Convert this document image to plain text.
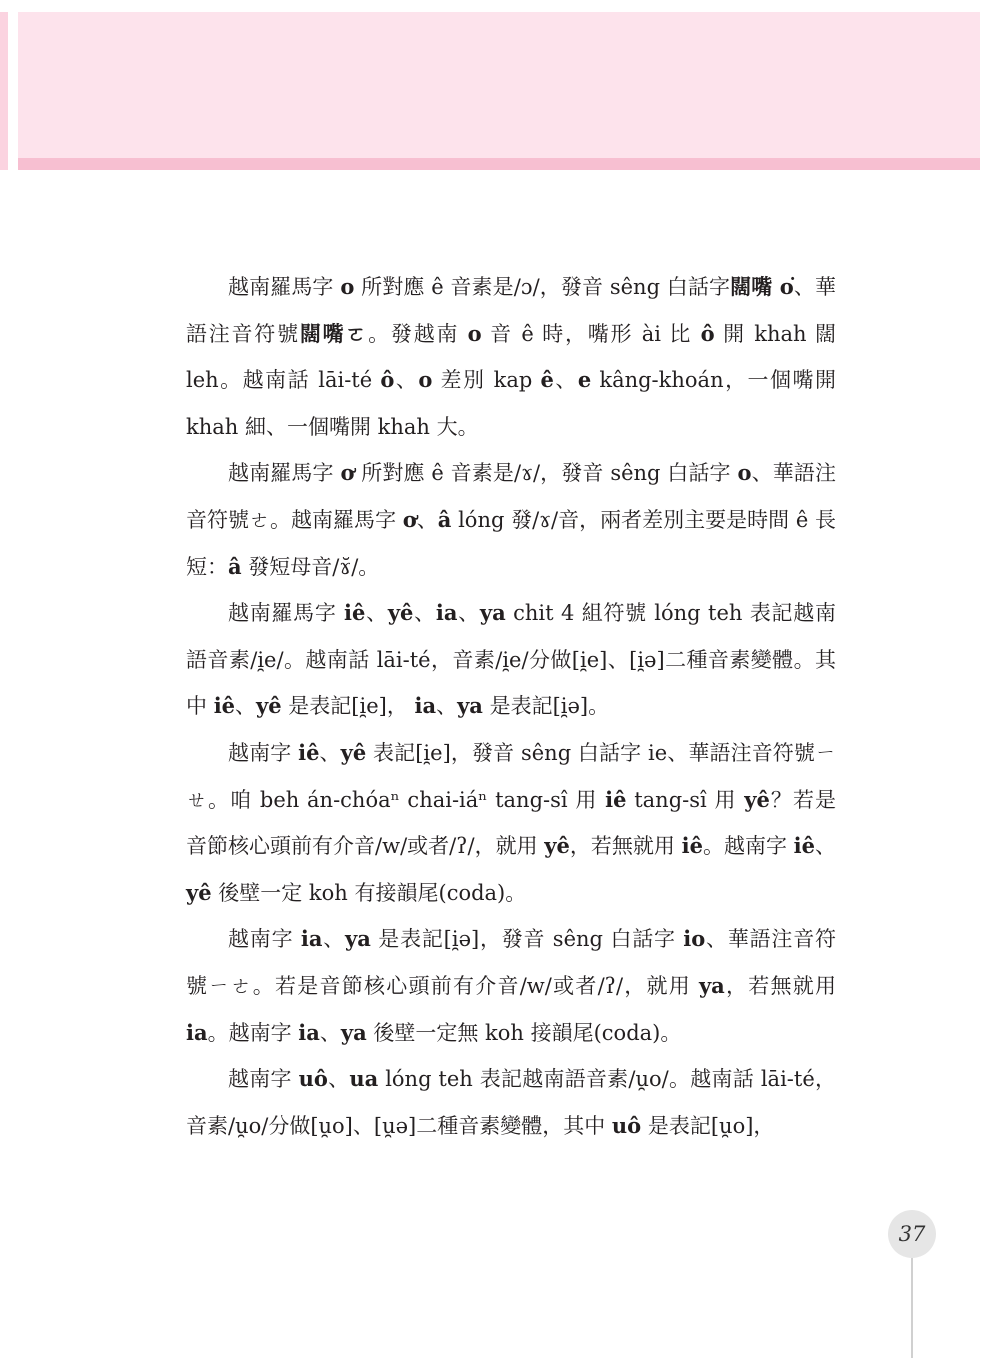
越南羅馬字 o 所對應 ê 音素是/ɔ/，發音 sêng 白話字闊嘴 o͘、華語注音符號闊嘴ㄛ。發越南 o 音 ê 時，嘴形 ài 比 ô 開 khah 闊 leh。越南話 lāi-té ô、o 差別 kap ê、e kâng-khoán，一個嘴開 khah 細、一個嘴開 khah 大。

越南羅馬字 ơ 所對應 ê 音素是/ɤ/，發音 sêng 白話字 o、華語注音符號ㄜ。越南羅馬字 ơ、â lóng 發/ɤ/音，兩者差別主要是時間 ê 長短：â 發短母音/ɤ̆/。

越南羅馬字 iê、yê、ia、ya chit 4 組符號 lóng teh 表記越南語音素/i̯e/。越南話 lāi-té，音素/i̯e/分做[i̯e]、[i̯ə]二種音素變體。其中 iê、yê 是表記[i̯e]， ia、ya 是表記[i̯ə]。

越南字 iê、yê 表記[i̯e]，發音 sêng 白話字 ie、華語注音符號ㄧㄝ。咱 beh án-chóaⁿ chai-iáⁿ tang-sî 用 iê tang-sî 用 yê？若是音節核心頭前有介音/w/或者/ʔ/，就用 yê，若無就用 iê。越南字 iê、yê 後壁一定 koh 有接韻尾(coda)。

越南字 ia、ya 是表記[i̯ə]，發音 sêng 白話字 io、華語注音符號ㄧㄜ。若是音節核心頭前有介音/w/或者/ʔ/，就用 ya，若無就用 ia。越南字 ia、ya 後壁一定無 koh 接韻尾(coda)。

越南字 uô、ua lóng teh 表記越南語音素/u̯o/。越南話 lāi-té，音素/u̯o/分做[u̯o]、[u̯ə]二種音素變體，其中 uô 是表記[u̯o]，

37
